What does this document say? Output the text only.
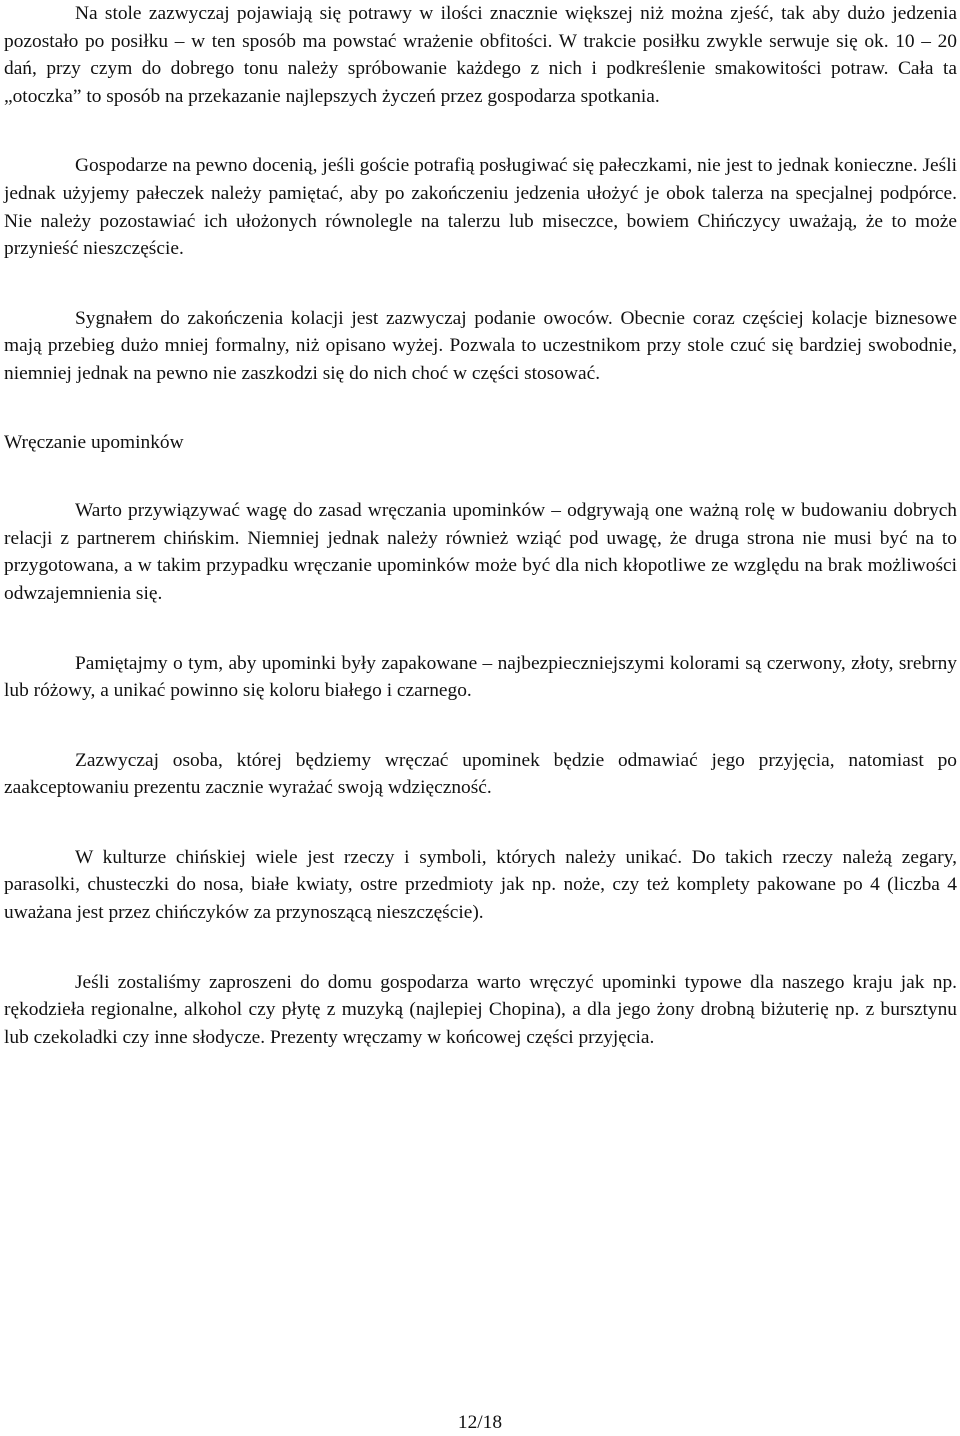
Na stole zazwyczaj pojawiają się potrawy w ilości znacznie większej niż można zjeść, tak aby dużo jedzenia pozostało po posiłku – w ten sposób ma powstać wrażenie obfitości. W trakcie posiłku zwykle serwuje się ok. 10 – 20 dań, przy czym do dobrego tonu należy spróbowanie każdego z nich i podkreślenie smakowitości potraw. Cała ta „otoczka” to sposób na przekazanie najlepszych życzeń przez gospodarza spotkania.

Gospodarze na pewno docenią, jeśli goście potrafią posługiwać się pałeczkami, nie jest to jednak konieczne. Jeśli jednak użyjemy pałeczek należy pamiętać, aby po zakończeniu jedzenia ułożyć je obok talerza na specjalnej podpórce. Nie należy pozostawiać ich ułożonych równolegle na talerzu lub miseczce, bowiem Chińczycy uważają, że to może przynieść nieszczęście.

Sygnałem do zakończenia kolacji jest zazwyczaj podanie owoców. Obecnie coraz częściej kolacje biznesowe mają przebieg dużo mniej formalny, niż opisano wyżej. Pozwala to uczestnikom przy stole czuć się bardziej swobodnie, niemniej jednak na pewno nie zaszkodzi się do nich choć w części stosować.

Wręczanie upominków

Warto przywiązywać wagę do zasad wręczania upominków – odgrywają one ważną rolę w budowaniu dobrych relacji z partnerem chińskim. Niemniej jednak należy również wziąć pod uwagę, że druga strona nie musi być na to przygotowana, a w takim przypadku wręczanie upominków może być dla nich kłopotliwe ze względu na brak możliwości odwzajemnienia się.

Pamiętajmy o tym, aby upominki były zapakowane – najbezpieczniejszymi kolorami są czerwony, złoty, srebrny lub różowy, a unikać powinno się koloru białego i czarnego.

Zazwyczaj osoba, której będziemy wręczać upominek będzie odmawiać jego przyjęcia, natomiast po zaakceptowaniu prezentu zacznie wyrażać swoją wdzięczność.

W kulturze chińskiej wiele jest rzeczy i symboli, których należy unikać. Do takich rzeczy należą zegary, parasolki, chusteczki do nosa, białe kwiaty, ostre przedmioty jak np. noże, czy też komplety pakowane po 4 (liczba 4 uważana jest przez chińczyków za przynoszącą nieszczęście).

Jeśli zostaliśmy zaproszeni do domu gospodarza warto wręczyć upominki typowe dla naszego kraju jak np. rękodzieła regionalne, alkohol czy płytę z muzyką (najlepiej Chopina), a dla jego żony drobną biżuterię np. z bursztynu lub czekoladki czy inne słodycze. Prezenty wręczamy w końcowej części przyjęcia.

12/18
